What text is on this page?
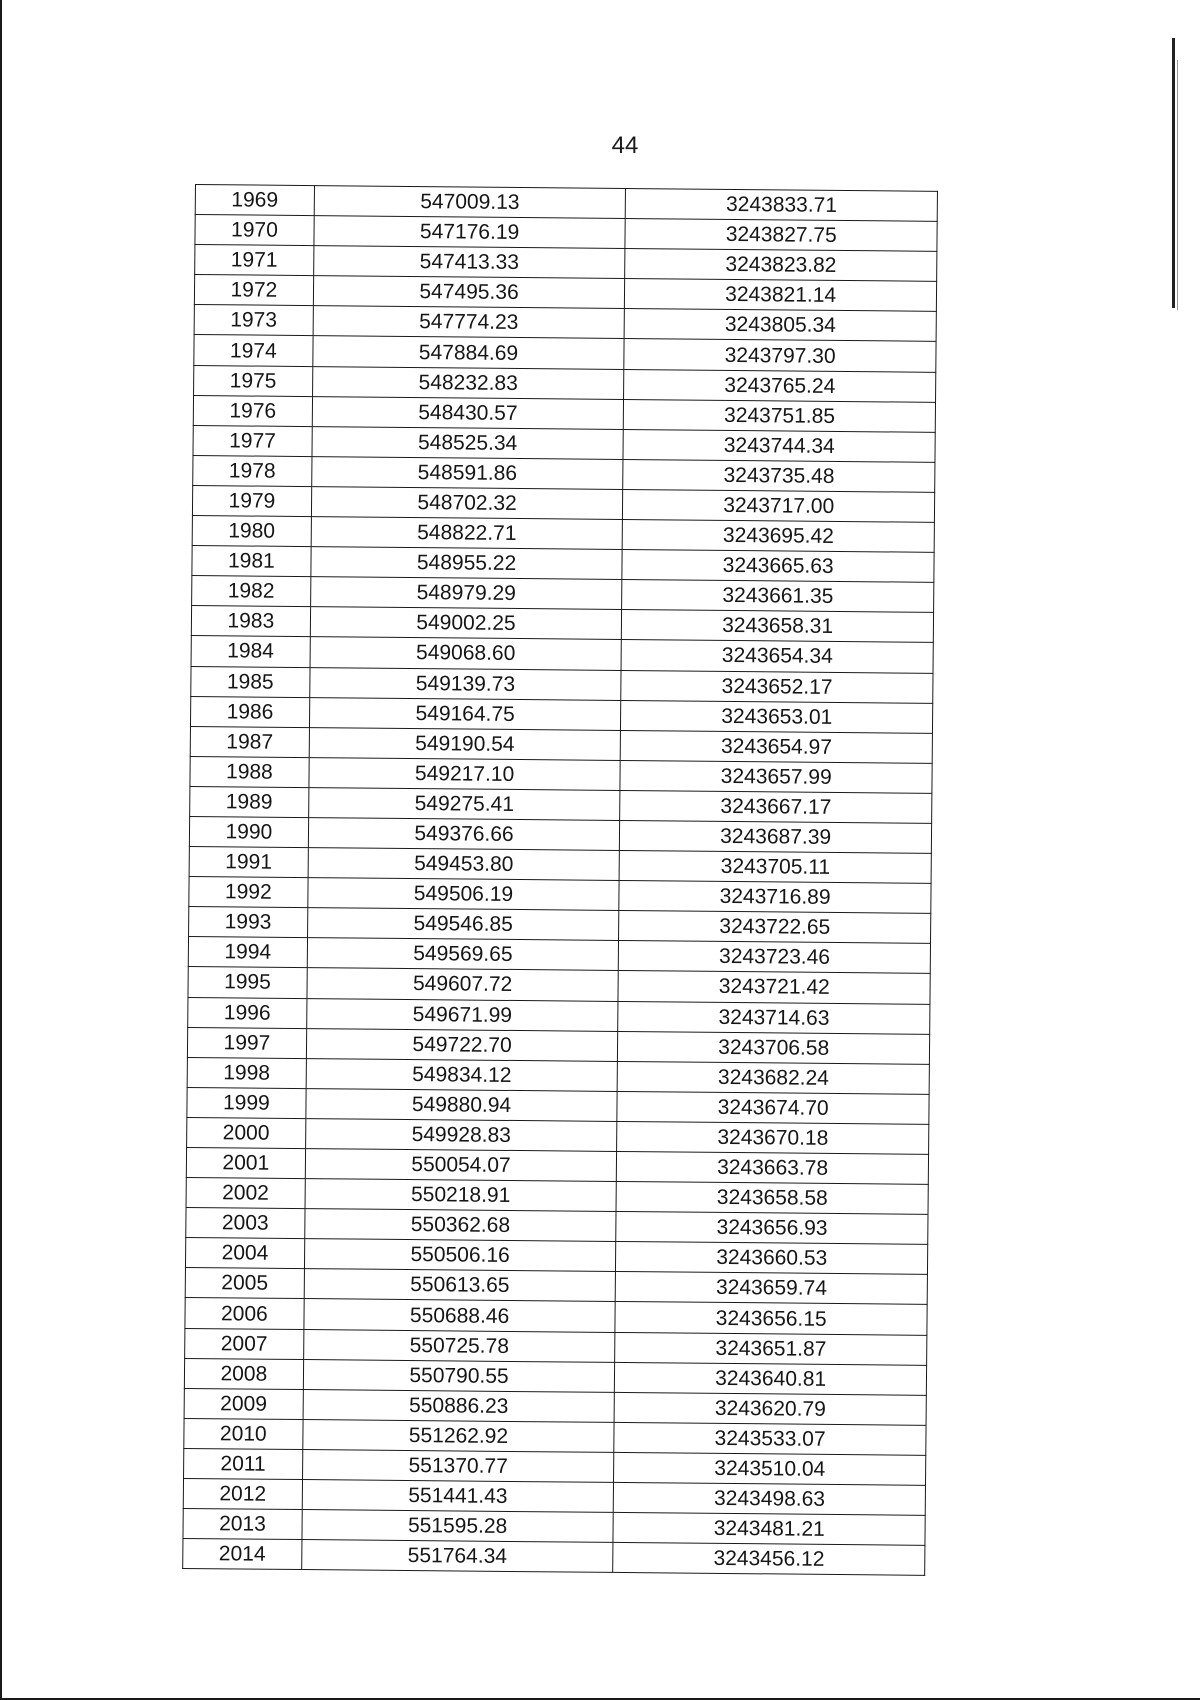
44
1969	547009.13	3243833.71
1970	547176.19	3243827.75
1971	547413.33	3243823.82
1972	547495.36	3243821.14
1973	547774.23	3243805.34
1974	547884.69	3243797.30
1975	548232.83	3243765.24
1976	548430.57	3243751.85
1977	548525.34	3243744.34
1978	548591.86	3243735.48
1979	548702.32	3243717.00
1980	548822.71	3243695.42
1981	548955.22	3243665.63
1982	548979.29	3243661.35
1983	549002.25	3243658.31
1984	549068.60	3243654.34
1985	549139.73	3243652.17
1986	549164.75	3243653.01
1987	549190.54	3243654.97
1988	549217.10	3243657.99
1989	549275.41	3243667.17
1990	549376.66	3243687.39
1991	549453.80	3243705.11
1992	549506.19	3243716.89
1993	549546.85	3243722.65
1994	549569.65	3243723.46
1995	549607.72	3243721.42
1996	549671.99	3243714.63
1997	549722.70	3243706.58
1998	549834.12	3243682.24
1999	549880.94	3243674.70
2000	549928.83	3243670.18
2001	550054.07	3243663.78
2002	550218.91	3243658.58
2003	550362.68	3243656.93
2004	550506.16	3243660.53
2005	550613.65	3243659.74
2006	550688.46	3243656.15
2007	550725.78	3243651.87
2008	550790.55	3243640.81
2009	550886.23	3243620.79
2010	551262.92	3243533.07
2011	551370.77	3243510.04
2012	551441.43	3243498.63
2013	551595.28	3243481.21
2014	551764.34	3243456.12
